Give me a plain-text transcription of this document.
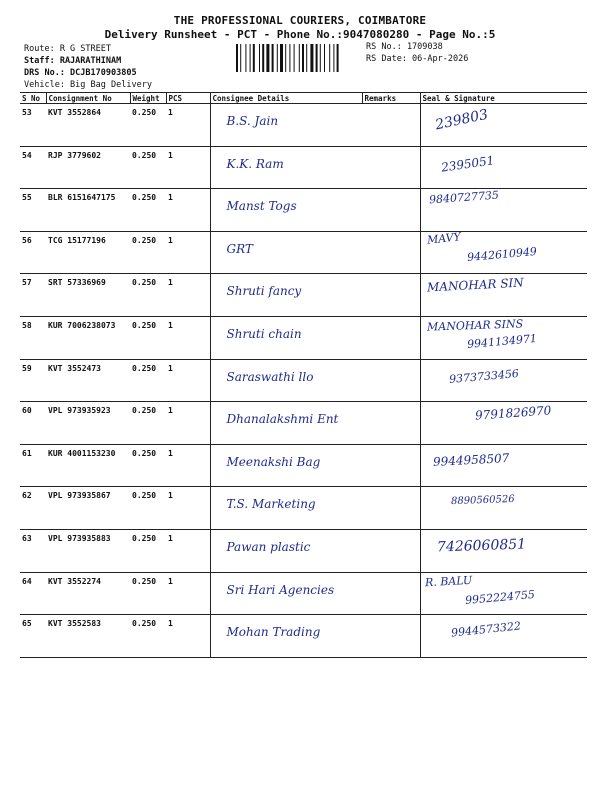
THE PROFESSIONAL COURIERS, COIMBATORE
Delivery Runsheet - PCT - Phone No.:9047080280 - Page No.:5
Route: R G STREET
Staff: RAJARATHINAM
DRS No.: DCJB170903805
Vehicle: Big Bag Delivery
RS No.: 1709038
RS Date: 06-Apr-2026
S No	Consignment No	Weight	PCS	Consignee Details	Remarks	Seal & Signature
53	KVT 3552864	0.250	1	B.S. Jain		239803

54	RJP 3779602	0.250	1	K.K. Ram		2395051

55	BLR 6151647175	0.250	1	Manst Togs		9840727735

56	TCG 15177196	0.250	1	GRT		MAVY
9442610949

57	SRT 57336969	0.250	1	Shruti fancy		MANOHAR SIN

58	KUR 7006238073	0.250	1	Shruti chain		MANOHAR SINS
9941134971

59	KVT 3552473	0.250	1	Saraswathi llo		9373733456

60	VPL 973935923	0.250	1	Dhanalakshmi Ent		9791826970

61	KUR 4001153230	0.250	1	Meenakshi Bag		9944958507

62	VPL 973935867	0.250	1	T.S. Marketing		8890560526

63	VPL 973935883	0.250	1	Pawan plastic		7426060851

64	KVT 3552274	0.250	1	Sri Hari Agencies		R. BALU
9952224755

65	KVT 3552583	0.250	1	Mohan Trading		9944573322
